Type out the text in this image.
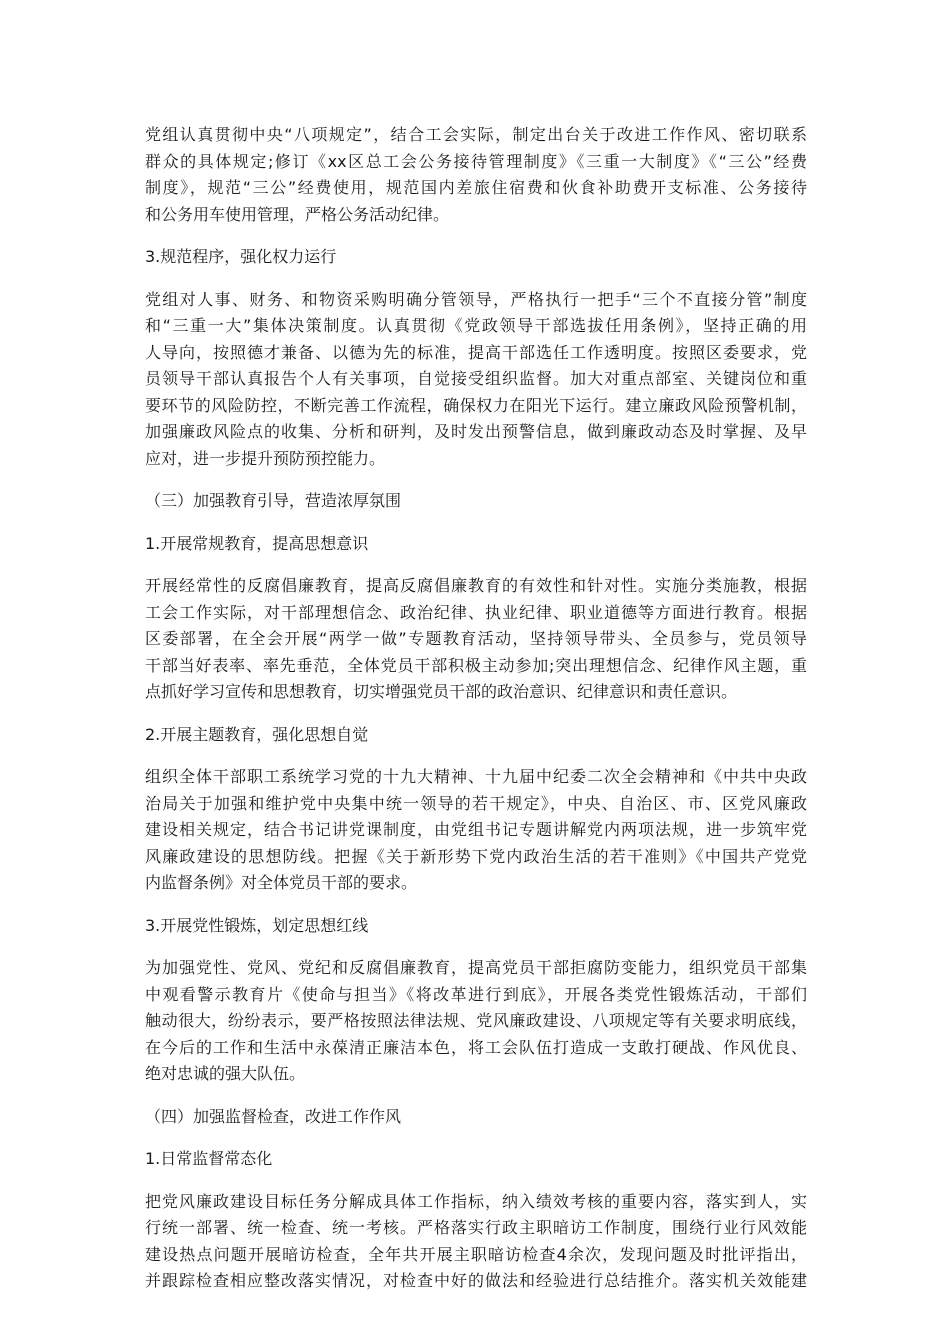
党组认真贯彻中央“八项规定”，结合工会实际，制定出台关于改进工作作风、密切联系
群众的具体规定;修订《xx区总工会公务接待管理制度》《三重一大制度》《“三公”经费
制度》，规范“三公”经费使用，规范国内差旅住宿费和伙食补助费开支标准、公务接待
和公务用车使用管理，严格公务活动纪律。
3.规范程序，强化权力运行
党组对人事、财务、和物资采购明确分管领导，严格执行一把手“三个不直接分管”制度
和“三重一大”集体决策制度。认真贯彻《党政领导干部选拔任用条例》，坚持正确的用
人导向，按照德才兼备、以德为先的标准，提高干部选任工作透明度。按照区委要求，党
员领导干部认真报告个人有关事项，自觉接受组织监督。加大对重点部室、关键岗位和重
要环节的风险防控，不断完善工作流程，确保权力在阳光下运行。建立廉政风险预警机制，
加强廉政风险点的收集、分析和研判，及时发出预警信息，做到廉政动态及时掌握、及早
应对，进一步提升预防预控能力。
（三）加强教育引导，营造浓厚氛围
1.开展常规教育，提高思想意识
开展经常性的反腐倡廉教育，提高反腐倡廉教育的有效性和针对性。实施分类施教，根据
工会工作实际，对干部理想信念、政治纪律、执业纪律、职业道德等方面进行教育。根据
区委部署，在全会开展“两学一做”专题教育活动，坚持领导带头、全员参与，党员领导
干部当好表率、率先垂范，全体党员干部积极主动参加;突出理想信念、纪律作风主题，重
点抓好学习宣传和思想教育，切实增强党员干部的政治意识、纪律意识和责任意识。
2.开展主题教育，强化思想自觉
组织全体干部职工系统学习党的十九大精神、十九届中纪委二次全会精神和《中共中央政
治局关于加强和维护党中央集中统一领导的若干规定》，中央、自治区、市、区党风廉政
建设相关规定，结合书记讲党课制度，由党组书记专题讲解党内两项法规，进一步筑牢党
风廉政建设的思想防线。把握《关于新形势下党内政治生活的若干准则》《中国共产党党
内监督条例》对全体党员干部的要求。
3.开展党性锻炼，划定思想红线
为加强党性、党风、党纪和反腐倡廉教育，提高党员干部拒腐防变能力，组织党员干部集
中观看警示教育片《使命与担当》《将改革进行到底》，开展各类党性锻炼活动，干部们
触动很大，纷纷表示，要严格按照法律法规、党风廉政建设、八项规定等有关要求明底线，
在今后的工作和生活中永葆清正廉洁本色，将工会队伍打造成一支敢打硬战、作风优良、
绝对忠诚的强大队伍。
（四）加强监督检查，改进工作作风
1.日常监督常态化
把党风廉政建设目标任务分解成具体工作指标，纳入绩效考核的重要内容，落实到人，实
行统一部署、统一检查、统一考核。严格落实行政主职暗访工作制度，围绕行业行风效能
建设热点问题开展暗访检查，全年共开展主职暗访检查4余次，发现问题及时批评指出，
并跟踪检查相应整改落实情况，对检查中好的做法和经验进行总结推介。落实机关效能建
